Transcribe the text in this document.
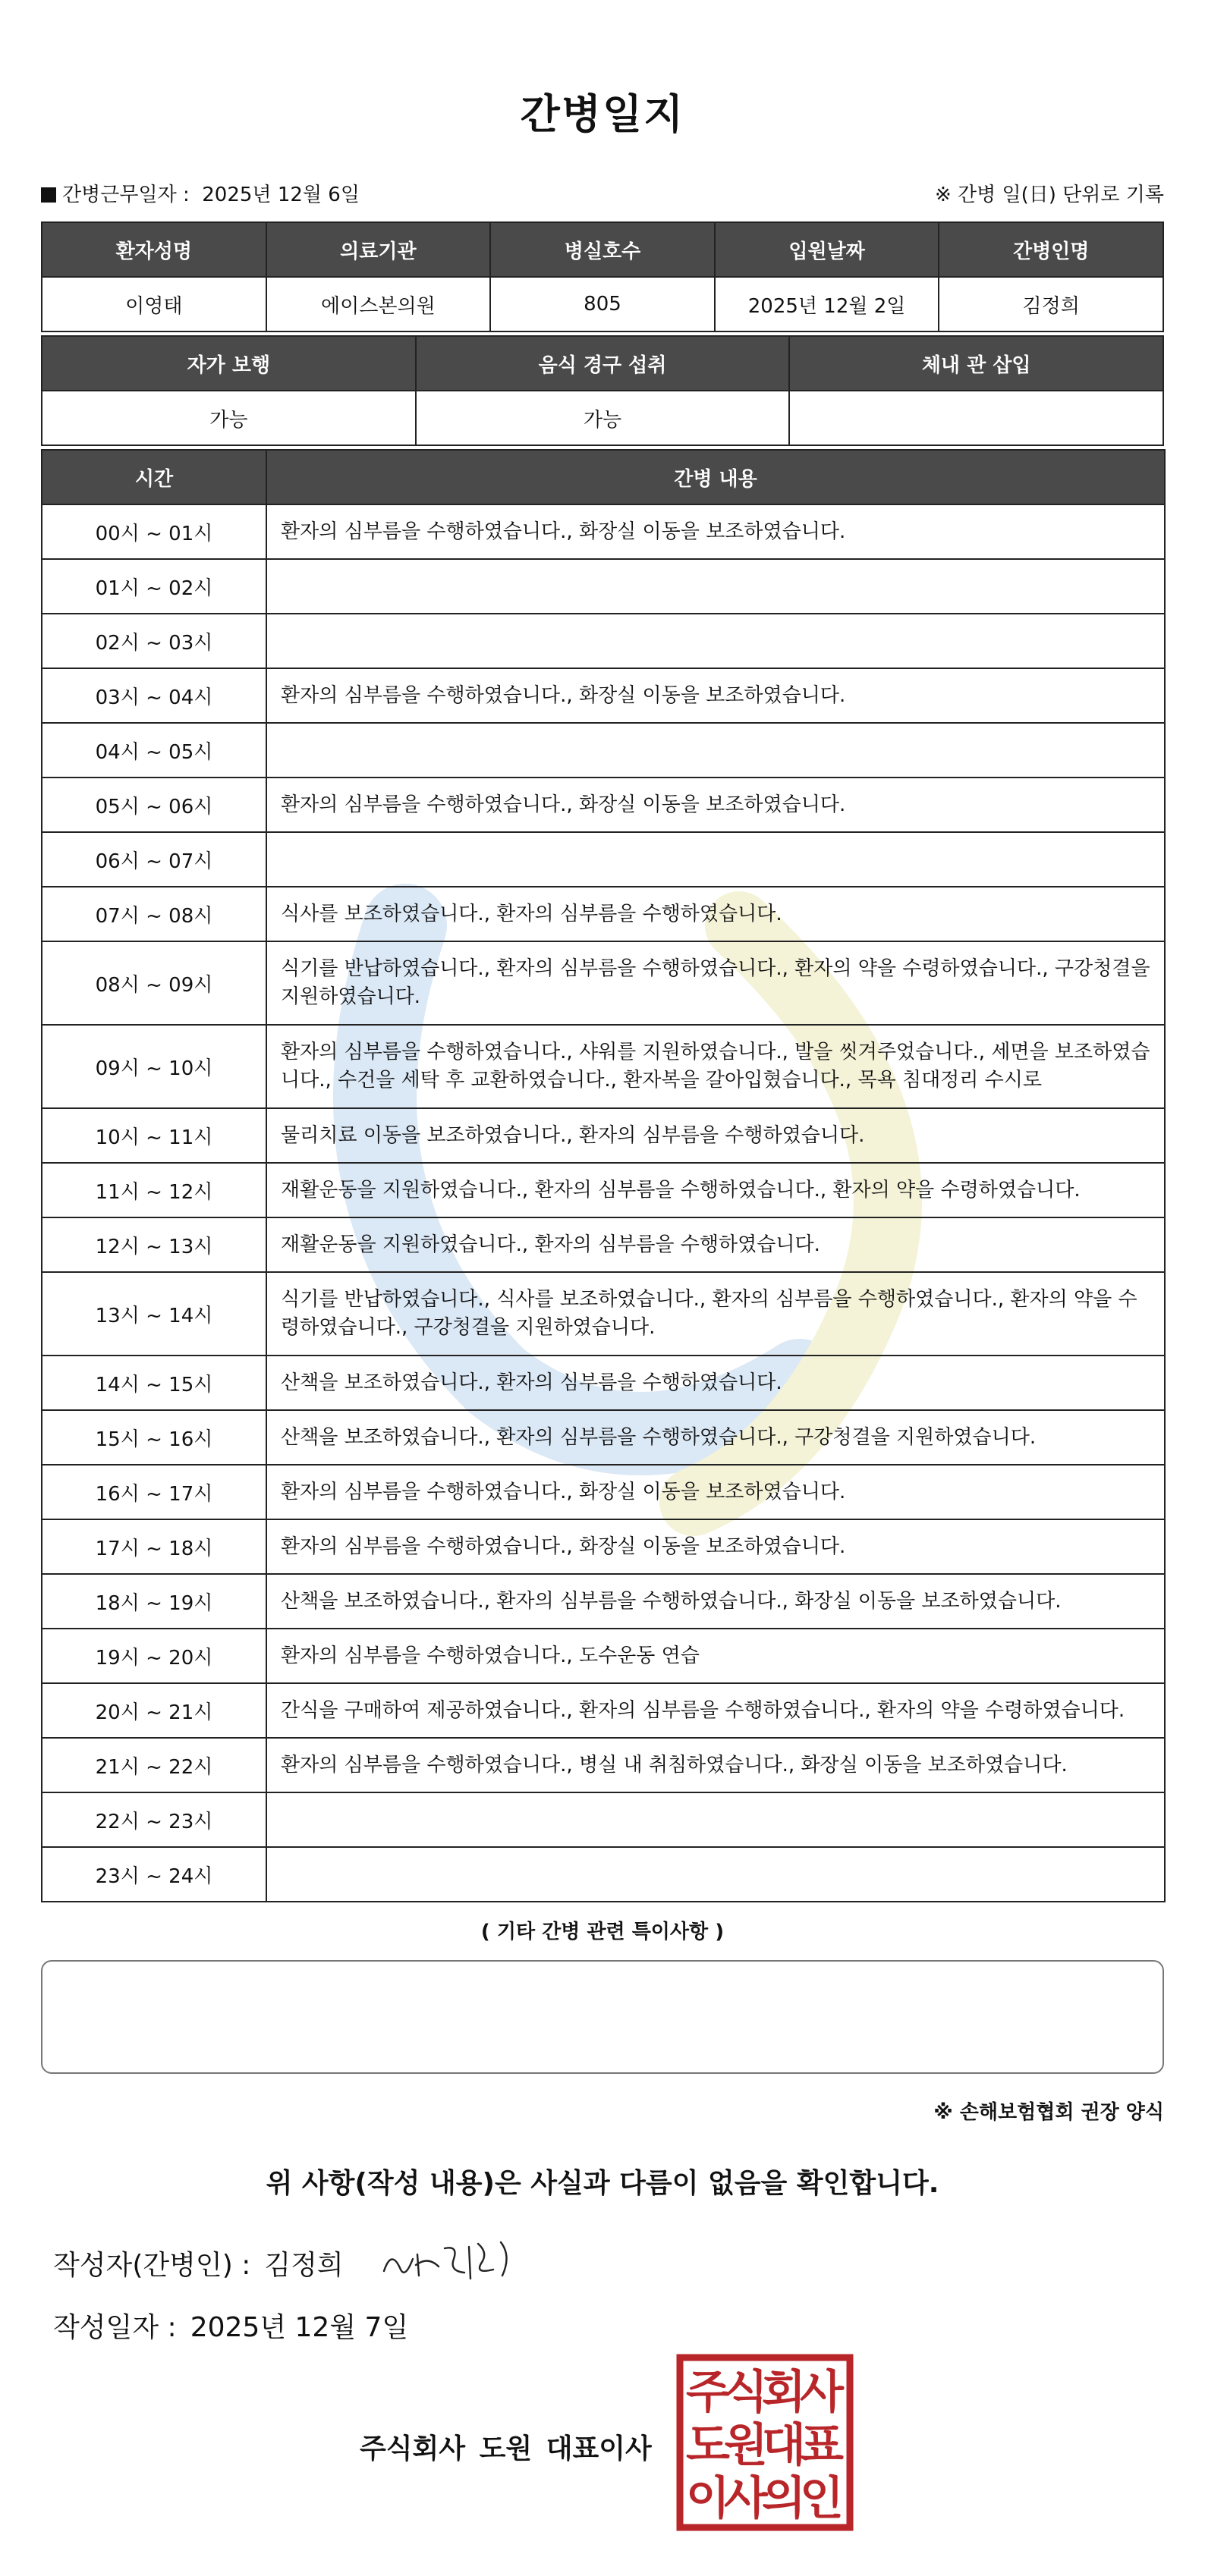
간병일지
간병근무일자 : 2025년 12월 6일	※ 간병 일(日) 단위로 기록
환자성명	의료기관	병실호수	입원날짜	간병인명
이영태	에이스본의원	805	2025년 12월 2일	김정희
자가 보행	음식 경구 섭취	체내 관 삽입
가능	가능	
시간	간병 내용
00시 ~ 01시	환자의 심부름을 수행하였습니다., 화장실 이동을 보조하였습니다.
01시 ~ 02시	
02시 ~ 03시	
03시 ~ 04시	환자의 심부름을 수행하였습니다., 화장실 이동을 보조하였습니다.
04시 ~ 05시	
05시 ~ 06시	환자의 심부름을 수행하였습니다., 화장실 이동을 보조하였습니다.
06시 ~ 07시	
07시 ~ 08시	식사를 보조하였습니다., 환자의 심부름을 수행하였습니다.
08시 ~ 09시	식기를 반납하였습니다., 환자의 심부름을 수행하였습니다., 환자의 약을 수령하였습니다., 구강청결을 지원하였습니다.
09시 ~ 10시	환자의 심부름을 수행하였습니다., 샤워를 지원하였습니다., 발을 씻겨주었습니다., 세면을 보조하였습니다., 수건을 세탁 후 교환하였습니다., 환자복을 갈아입혔습니다., 목욕 침대정리 수시로
10시 ~ 11시	물리치료 이동을 보조하였습니다., 환자의 심부름을 수행하였습니다.
11시 ~ 12시	재활운동을 지원하였습니다., 환자의 심부름을 수행하였습니다., 환자의 약을 수령하였습니다.
12시 ~ 13시	재활운동을 지원하였습니다., 환자의 심부름을 수행하였습니다.
13시 ~ 14시	식기를 반납하였습니다., 식사를 보조하였습니다., 환자의 심부름을 수행하였습니다., 환자의 약을 수령하였습니다., 구강청결을 지원하였습니다.
14시 ~ 15시	산책을 보조하였습니다., 환자의 심부름을 수행하였습니다.
15시 ~ 16시	산책을 보조하였습니다., 환자의 심부름을 수행하였습니다., 구강청결을 지원하였습니다.
16시 ~ 17시	환자의 심부름을 수행하였습니다., 화장실 이동을 보조하였습니다.
17시 ~ 18시	환자의 심부름을 수행하였습니다., 화장실 이동을 보조하였습니다.
18시 ~ 19시	산책을 보조하였습니다., 환자의 심부름을 수행하였습니다., 화장실 이동을 보조하였습니다.
19시 ~ 20시	환자의 심부름을 수행하였습니다., 도수운동 연습
20시 ~ 21시	간식을 구매하여 제공하였습니다., 환자의 심부름을 수행하였습니다., 환자의 약을 수령하였습니다.
21시 ~ 22시	환자의 심부름을 수행하였습니다., 병실 내 취침하였습니다., 화장실 이동을 보조하였습니다.
22시 ~ 23시	
23시 ~ 24시	
( 기타 간병 관련 특이사항 )
※ 손해보험협회 권장 양식
위 사항(작성 내용)은 사실과 다름이 없음을 확인합니다.
작성자(간병인) : 김정희
작성일자 : 2025년 12월 7일
주식회사 도원 대표이사
주
식
회
사
도
원
대
표
이
사
의
인
